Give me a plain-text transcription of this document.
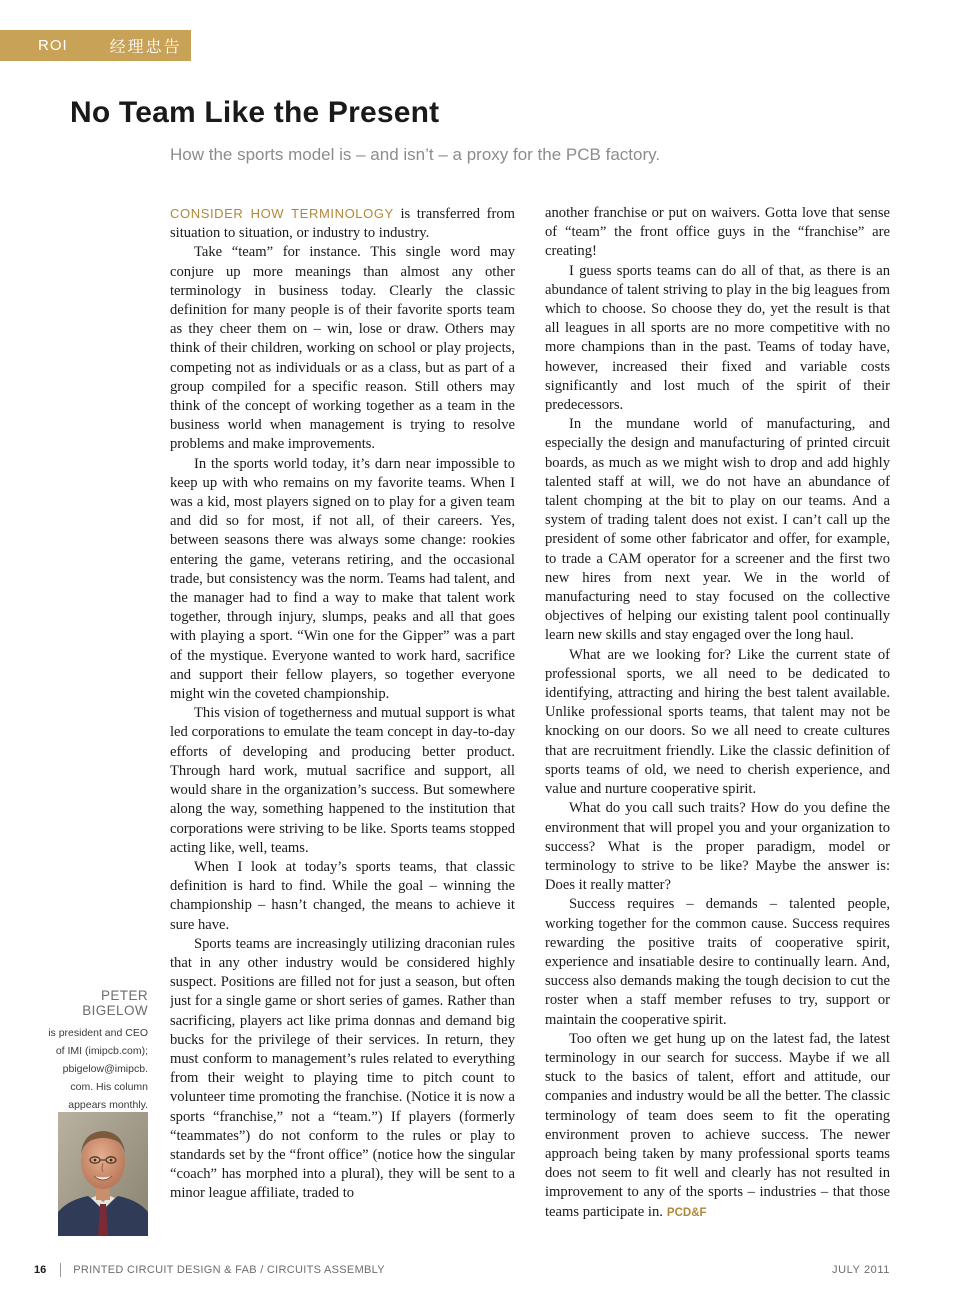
ROI	经理忠告
No Team Like the Present
How the sports model is – and isn’t – a proxy for the PCB factory.

CONSIDER HOW TERMINOLOGY is transferred from situation to situation, or industry to industry.

Take “team” for instance. This single word may conjure up more meanings than almost any other terminology in business today. Clearly the classic definition for many people is of their favorite sports team as they cheer them on – win, lose or draw. Others may think of their children, working on school or play projects, competing not as individuals or as a class, but as part of a group compiled for a specific reason. Still others may think of the concept of working together as a team in the business world when management is trying to resolve problems and make improvements.

In the sports world today, it’s darn near impossible to keep up with who remains on my favorite teams. When I was a kid, most players signed on to play for a given team and did so for most, if not all, of their careers. Yes, between seasons there was always some change: rookies entering the game, veterans retiring, and the occasional trade, but consistency was the norm. Teams had talent, and the manager had to find a way to make that talent work together, through injury, slumps, peaks and all that goes with playing a sport. “Win one for the Gipper” was a part of the mystique. Everyone wanted to work hard, sacrifice and support their fellow players, so together everyone might win the coveted championship.

This vision of togetherness and mutual support is what led corporations to emulate the team concept in day-to-day efforts of developing and producing better product. Through hard work, mutual sacrifice and support, all would share in the organization’s success. But somewhere along the way, something happened to the institution that corporations were striving to be like. Sports teams stopped acting like, well, teams.

When I look at today’s sports teams, that classic definition is hard to find. While the goal – winning the championship – hasn’t changed, the means to achieve it sure have.

Sports teams are increasingly utilizing draconian rules that in any other industry would be considered highly suspect. Positions are filled not for just a season, but often just for a single game or short series of games. Rather than sacrificing, players act like prima donnas and demand big bucks for the privilege of their services. In return, they must conform to management’s rules related to everything from their weight to playing time to pitch count to volunteer time promoting the franchise. (Notice it is now a sports “franchise,” not a “team.”) If players (formerly “teammates”) do not conform to the rules or play to standards set by the “front office” (notice how the singular “coach” has morphed into a plural), they will be sent to a minor league affiliate, traded to

another franchise or put on waivers. Gotta love that sense of “team” the front office guys in the “franchise” are creating!

I guess sports teams can do all of that, as there is an abundance of talent striving to play in the big leagues from which to choose. So choose they do, yet the result is that all leagues in all sports are no more competitive with no more champions than in the past. Teams of today have, however, increased their fixed and variable costs significantly and lost much of the spirit of their predecessors.

In the mundane world of manufacturing, and especially the design and manufacturing of printed circuit boards, as much as we might wish to drop and add highly talented staff at will, we do not have an abundance of talent chomping at the bit to play on our teams. And a system of trading talent does not exist. I can’t call up the president of some other fabricator and offer, for example, to trade a CAM operator for a screener and the first two new hires from next year. We in the world of manufacturing need to stay focused on the collective objectives of helping our existing talent pool continually learn new skills and stay engaged over the long haul.

What are we looking for? Like the current state of professional sports, we all need to be dedicated to identifying, attracting and hiring the best talent available. Unlike professional sports teams, that talent may not be knocking on our doors. So we all need to create cultures that are recruitment friendly. Like the classic definition of sports teams of old, we need to cherish experience, and value and nurture cooperative spirit.

What do you call such traits? How do you define the environment that will propel you and your organization to success? What is the proper paradigm, model or terminology to strive to be like? Maybe the answer is: Does it really matter?

Success requires – demands – talented people, working together for the common cause. Success requires rewarding the positive traits of cooperative spirit, experience and insatiable desire to continually learn. And, success also demands making the tough decision to cut the roster when a staff member refuses to try, support or maintain the cooperative spirit.

Too often we get hung up on the latest fad, the latest terminology in our search for success. Maybe if we all stuck to the basics of talent, effort and attitude, our companies and industry would be all the better. The classic terminology of team does seem to fit the operating environment proven to achieve success. The newer approach being taken by many professional sports teams does not seem to fit well and clearly has not resulted in improvement to any of the sports – industries – that those teams participate in. PCD&F

PETER BIGELOW
is president and CEO
of IMI (imipcb.com);
pbigelow@imipcb.
com. His column
appears monthly.
16 PRINTED CIRCUIT DESIGN & FAB / CIRCUITS ASSEMBLY	JULY 2011
